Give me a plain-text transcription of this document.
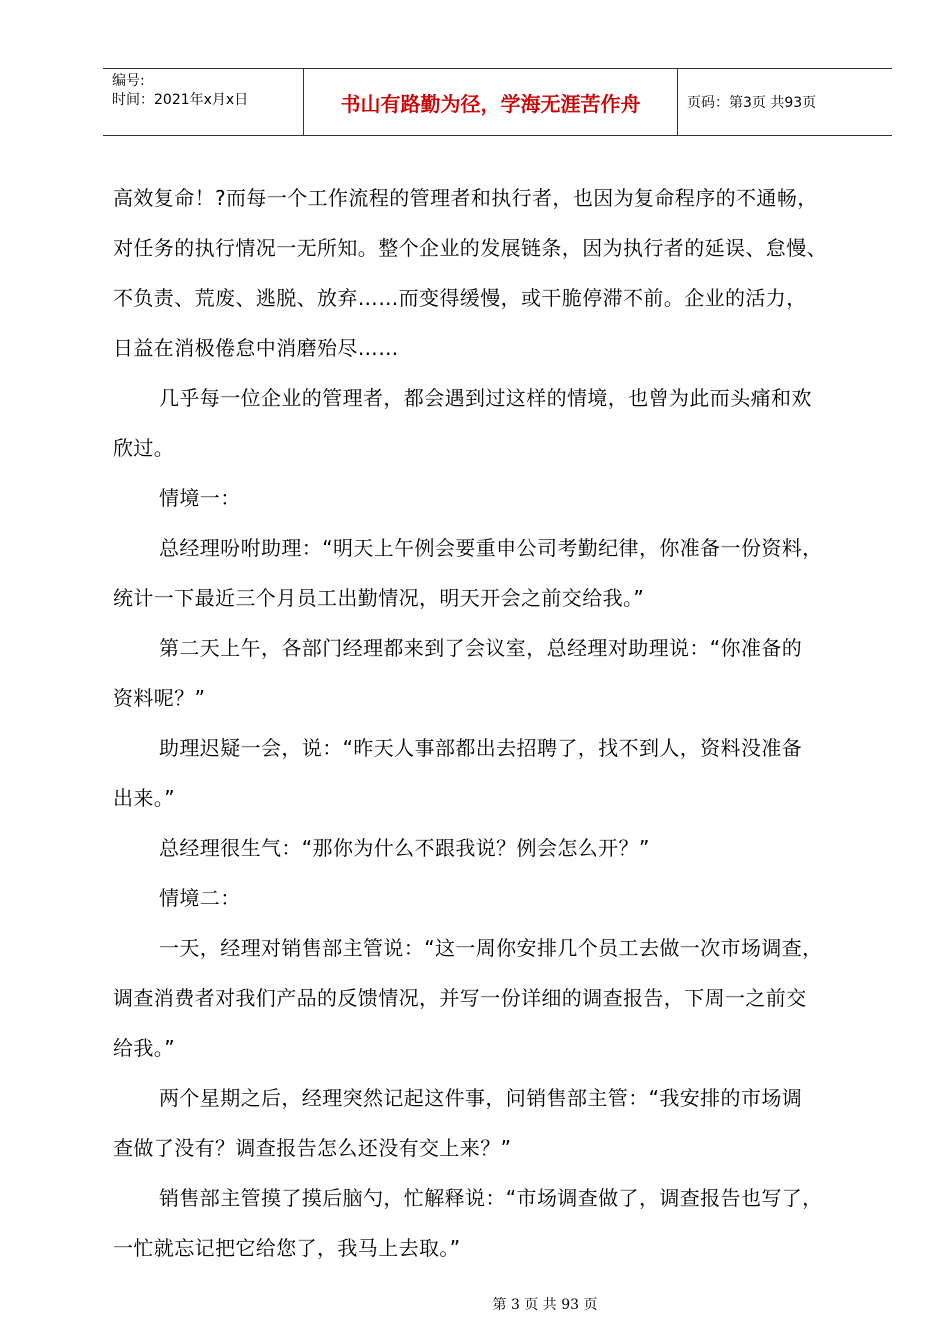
编号:
时间：2021年x月x日	书山有路勤为径，学海无涯苦作舟	页码：第3页 共93页

高效复命！?而每一个工作流程的管理者和执行者，也因为复命程序的不通畅，

对任务的执行情况一无所知。整个企业的发展链条，因为执行者的延误、怠慢、

不负责、荒废、逃脱、放弃……而变得缓慢，或干脆停滞不前。企业的活力，

日益在消极倦怠中消磨殆尽……

几乎每一位企业的管理者，都会遇到过这样的情境，也曾为此而头痛和欢

欣过。

情境一：

总经理吩咐助理：“明天上午例会要重申公司考勤纪律，你准备一份资料，

统计一下最近三个月员工出勤情况，明天开会之前交给我。”

第二天上午，各部门经理都来到了会议室，总经理对助理说：“你准备的

资料呢？”

助理迟疑一会，说：“昨天人事部都出去招聘了，找不到人，资料没准备

出来。”

总经理很生气：“那你为什么不跟我说？例会怎么开？”

情境二：

一天，经理对销售部主管说：“这一周你安排几个员工去做一次市场调查，

调查消费者对我们产品的反馈情况，并写一份详细的调查报告，下周一之前交

给我。”

两个星期之后，经理突然记起这件事，问销售部主管：“我安排的市场调

查做了没有？调查报告怎么还没有交上来？”

销售部主管摸了摸后脑勺，忙解释说：“市场调查做了，调查报告也写了，

一忙就忘记把它给您了，我马上去取。”

第 3 页 共 93 页
